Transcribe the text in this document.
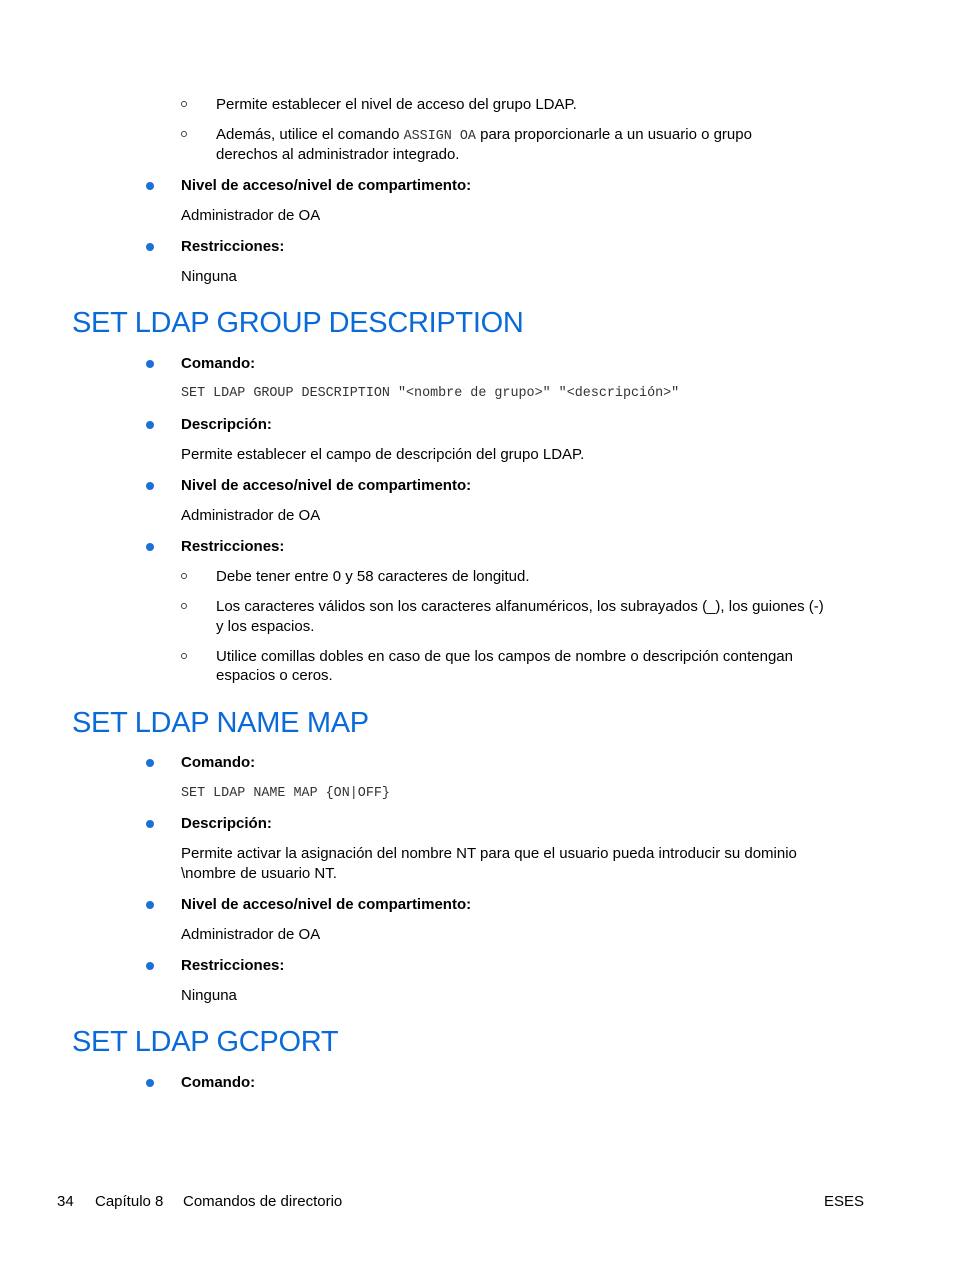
Permite establecer el nivel de acceso del grupo LDAP.
Además, utilice el comando ASSIGN OA para proporcionarle a un usuario o grupo
derechos al administrador integrado.
Nivel de acceso/nivel de compartimento:
Administrador de OA
Restricciones:
Ninguna
SET LDAP GROUP DESCRIPTION
Comando:
SET LDAP GROUP DESCRIPTION "<nombre de grupo>" "<descripción>"
Descripción:
Permite establecer el campo de descripción del grupo LDAP.
Nivel de acceso/nivel de compartimento:
Administrador de OA
Restricciones:
Debe tener entre 0 y 58 caracteres de longitud.
Los caracteres válidos son los caracteres alfanuméricos, los subrayados (_), los guiones (-)
y los espacios.
Utilice comillas dobles en caso de que los campos de nombre o descripción contengan
espacios o ceros.
SET LDAP NAME MAP
Comando:
SET LDAP NAME MAP {ON|OFF}
Descripción:
Permite activar la asignación del nombre NT para que el usuario pueda introducir su dominio
\nombre de usuario NT.
Nivel de acceso/nivel de compartimento:
Administrador de OA
Restricciones:
Ninguna
SET LDAP GCPORT
Comando:
34 Capítulo 8 Comandos de directorio	ESES
